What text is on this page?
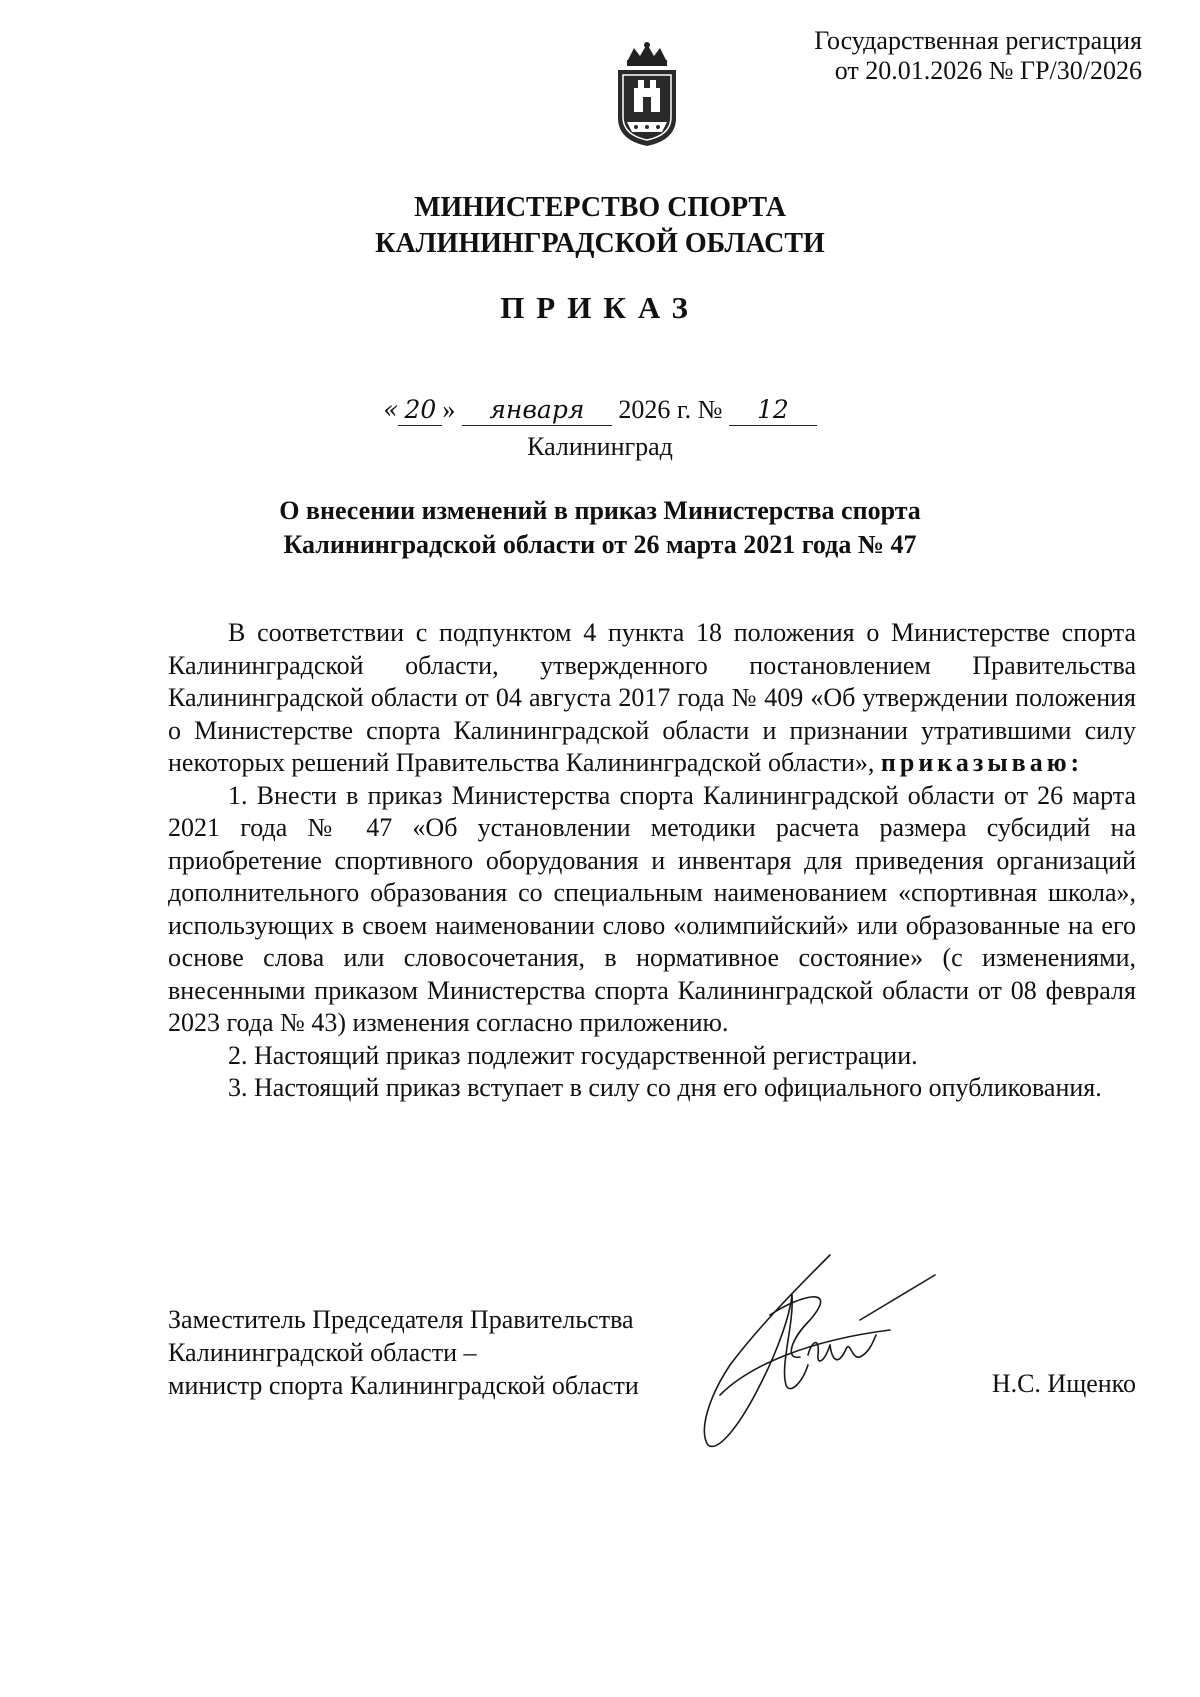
Государственная регистрация
от 20.01.2026 № ГР/30/2026
МИНИСТЕРСТВО СПОРТА
КАЛИНИНГРАДСКОЙ ОБЛАСТИ
ПРИКАЗ
« 20 » января 2026 г. № 12
Калининград
О внесении изменений в приказ Министерства спорта
Калининградской области от 26 марта 2021 года № 47

В соответствии с подпунктом 4 пункта 18 положения о Министерстве спорта Калининградской области, утвержденного постановлением Правительства Калининградской области от 04 августа 2017 года № 409 «Об утверждении положения о Министерстве спорта Калининградской области и признании утратившими силу некоторых решений Правительства Калининградской области», приказываю:

1. Внести в приказ Министерства спорта Калининградской области от 26 марта 2021 года № 47 «Об установлении методики расчета размера субсидий на приобретение спортивного оборудования и инвентаря для приведения организаций дополнительного образования со специальным наименованием «спортивная школа», использующих в своем наименовании слово «олимпийский» или образованные на его основе слова или словосочетания, в нормативное состояние» (с изменениями, внесенными приказом Министерства спорта Калининградской области от 08 февраля 2023 года № 43) изменения согласно приложению.

2. Настоящий приказ подлежит государственной регистрации.

3. Настоящий приказ вступает в силу со дня его официального опубликования.

Заместитель Председателя Правительства
Калининградской области –
министр спорта Калининградской области	Н.С. Ищенко
